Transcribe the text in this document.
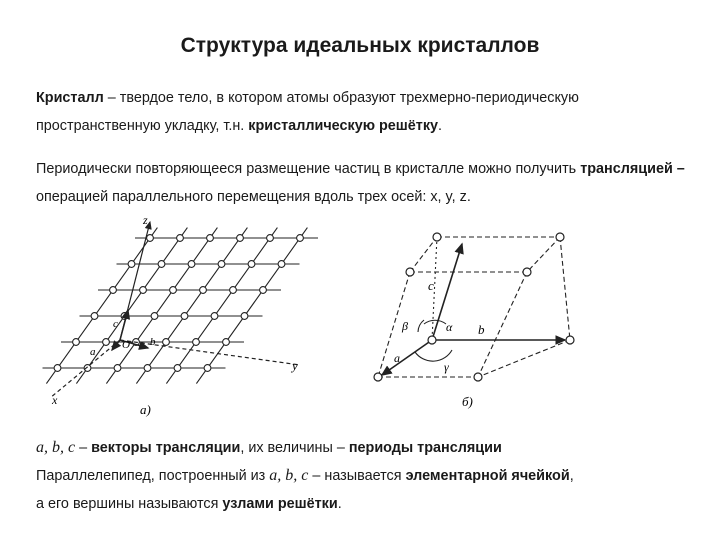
Структура идеальных кристаллов
Кристалл – твердое тело, в котором атомы образуют трехмерно-периодическую пространственную укладку, т.н. кристаллическую решётку.
Периодически повторяющееся размещение частиц в кристалле можно получить трансляцией – операцией параллельного перемещения вдоль трех осей: x, y, z.
z
y
x
b
a
c
O
а)
c
b
a
α
β
γ
б)
a, b, c – векторы трансляции, их величины – периоды трансляции
Параллелепипед, построенный из a, b, c – называется элементарной ячейкой,
а его вершины называются узлами решётки.
